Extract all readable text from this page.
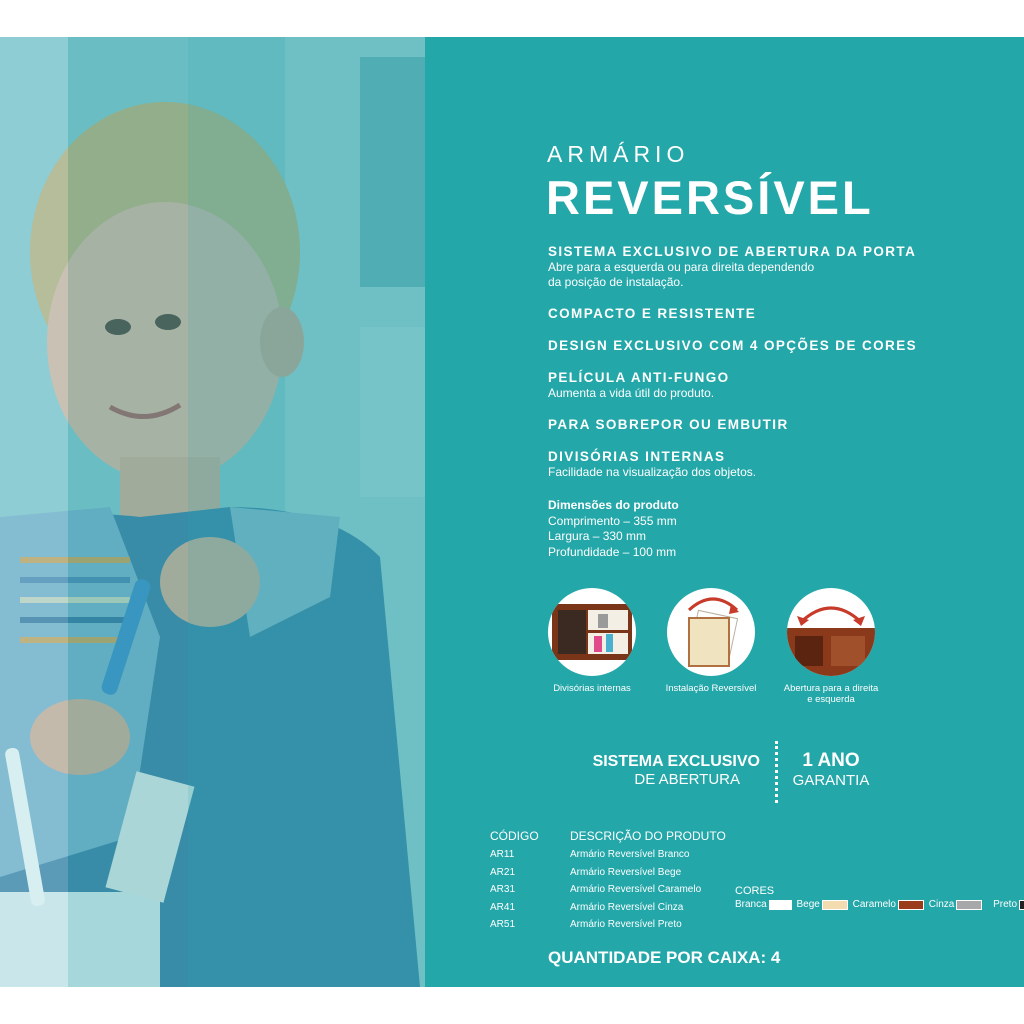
ARMÁRIO
REVERSÍVEL
SISTEMA EXCLUSIVO DE ABERTURA DA PORTA
Abre para a esquerda ou para direita dependendo
da posição de instalação.
COMPACTO E RESISTENTE
DESIGN EXCLUSIVO COM 4 OPÇÕES DE CORES
PELÍCULA ANTI-FUNGO
Aumenta a vida útil do produto.
PARA SOBREPOR OU EMBUTIR
DIVISÓRIAS INTERNAS
Facilidade na visualização dos objetos.
Dimensões do produto
Comprimento – 355 mm
Largura – 330 mm
Profundidade – 100 mm
Divisórias internas	Instalação Reversível	Abertura para a direita
e esquerda
SISTEMA EXCLUSIVO
DE ABERTURA
1 ANO
GARANTIA
CÓDIGO	DESCRIÇÃO DO PRODUTO
AR11	Armário Reversível Branco
AR21	Armário Reversível Bege
AR31	Armário Reversível Caramelo
AR41	Armário Reversível Cinza
AR51	Armário Reversível Preto
CORES
Branca
	Bege
	Caramelo
	Cinza
	Preto
QUANTIDADE POR CAIXA: 4
